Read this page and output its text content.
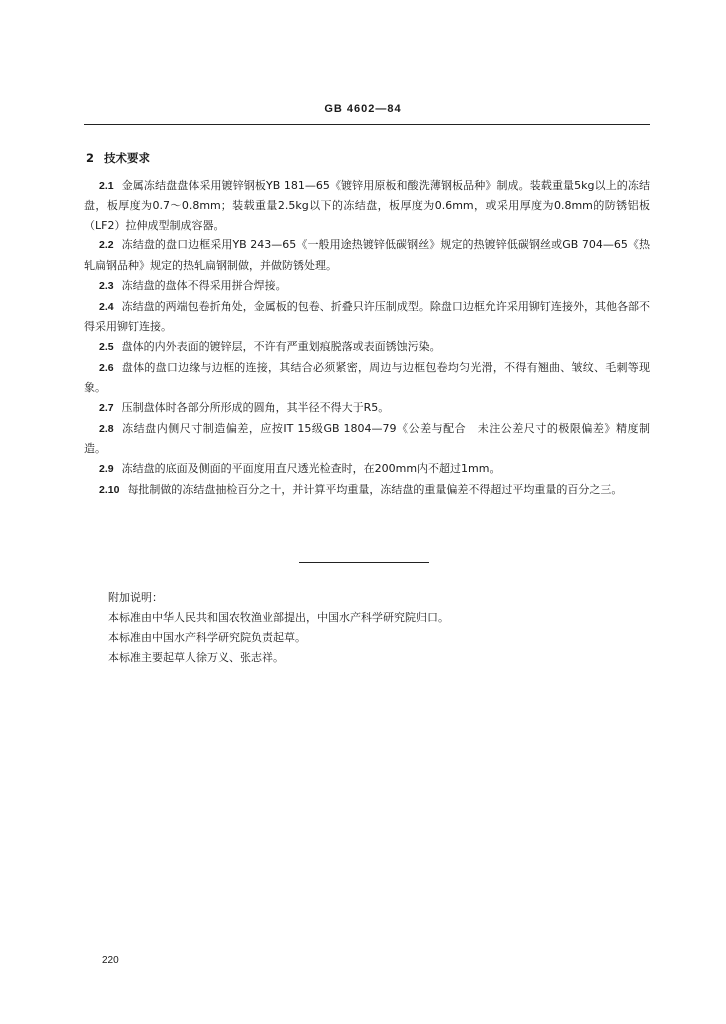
GB 4602—84
2 技术要求

2.1 金属冻结盘盘体采用镀锌钢板YB 181—65《镀锌用原板和酸洗薄钢板品种》制成。装载重量5kg以上的冻结盘，板厚度为0.7～0.8mm；装载重量2.5kg以下的冻结盘，板厚度为0.6mm，或采用厚度为0.8mm的防锈铝板（LF2）拉伸成型制成容器。

2.2 冻结盘的盘口边框采用YB 243—65《一般用途热镀锌低碳钢丝》规定的热镀锌低碳钢丝或GB 704—65《热轧扁钢品种》规定的热轧扁钢制做，并做防锈处理。

2.3 冻结盘的盘体不得采用拼合焊接。

2.4 冻结盘的两端包卷折角处，金属板的包卷、折叠只许压制成型。除盘口边框允许采用铆钉连接外，其他各部不得采用铆钉连接。

2.5 盘体的内外表面的镀锌层，不许有严重划痕脱落或表面锈蚀污染。

2.6 盘体的盘口边缘与边框的连接，其结合必须紧密，周边与边框包卷均匀光滑，不得有翘曲、皱纹、毛刺等现象。

2.7 压制盘体时各部分所形成的圆角，其半径不得大于R5。

2.8 冻结盘内侧尺寸制造偏差，应按IT 15级GB 1804—79《公差与配合　未注公差尺寸的极限偏差》精度制造。

2.9 冻结盘的底面及侧面的平面度用直尺透光检查时，在200mm内不超过1mm。

2.10 每批制做的冻结盘抽检百分之十，并计算平均重量，冻结盘的重量偏差不得超过平均重量的百分之三。

附加说明：
本标准由中华人民共和国农牧渔业部提出，中国水产科学研究院归口。
本标准由中国水产科学研究院负责起草。
本标准主要起草人徐万义、张志祥。
220
